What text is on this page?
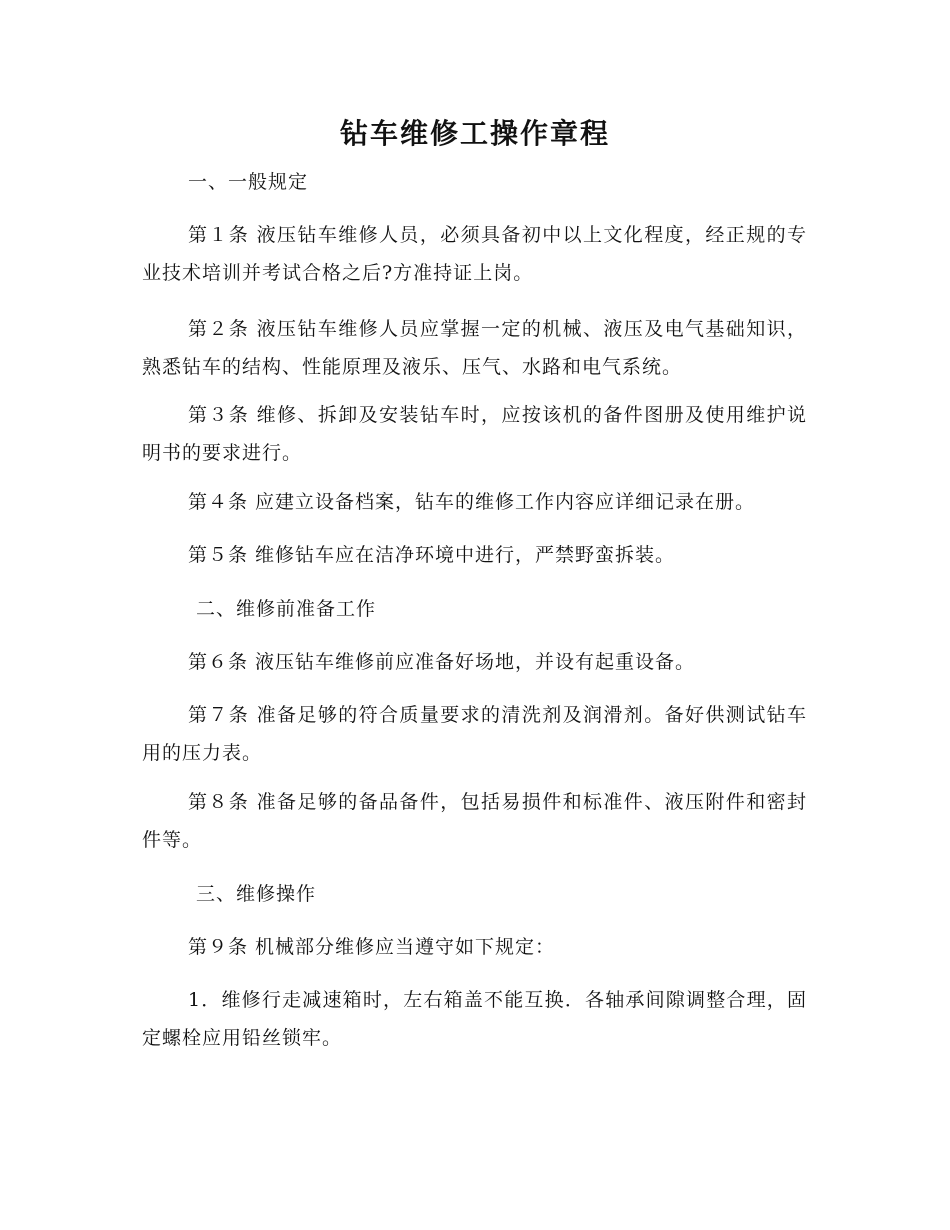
钻车维修工操作章程

一、一般规定

第１条 液压钻车维修人员，必须具备初中以上文化程度，经正规的专业技术培训并考试合格之后?方准持证上岗。

第２条 液压钻车维修人员应掌握一定的机械、液压及电气基础知识，熟悉钻车的结构、性能原理及液乐、压气、水路和电气系统。

第３条 维修、拆卸及安装钻车时，应按该机的备件图册及使用维护说明书的要求进行。

第４条 应建立设备档案，钻车的维修工作内容应详细记录在册。

第５条 维修钻车应在洁净环境中进行，严禁野蛮拆装。

二、维修前准备工作

第６条 液压钻车维修前应准备好场地，并设有起重设备。

第７条 准备足够的符合质量要求的清洗剂及润滑剂。备好供测试钻车用的压力表。

第８条 准备足够的备品备件，包括易损件和标准件、液压附件和密封件等。

三、维修操作

第９条 机械部分维修应当遵守如下规定：

1．维修行走减速箱时，左右箱盖不能互换．各轴承间隙调整合理，固定螺栓应用铅丝锁牢。
